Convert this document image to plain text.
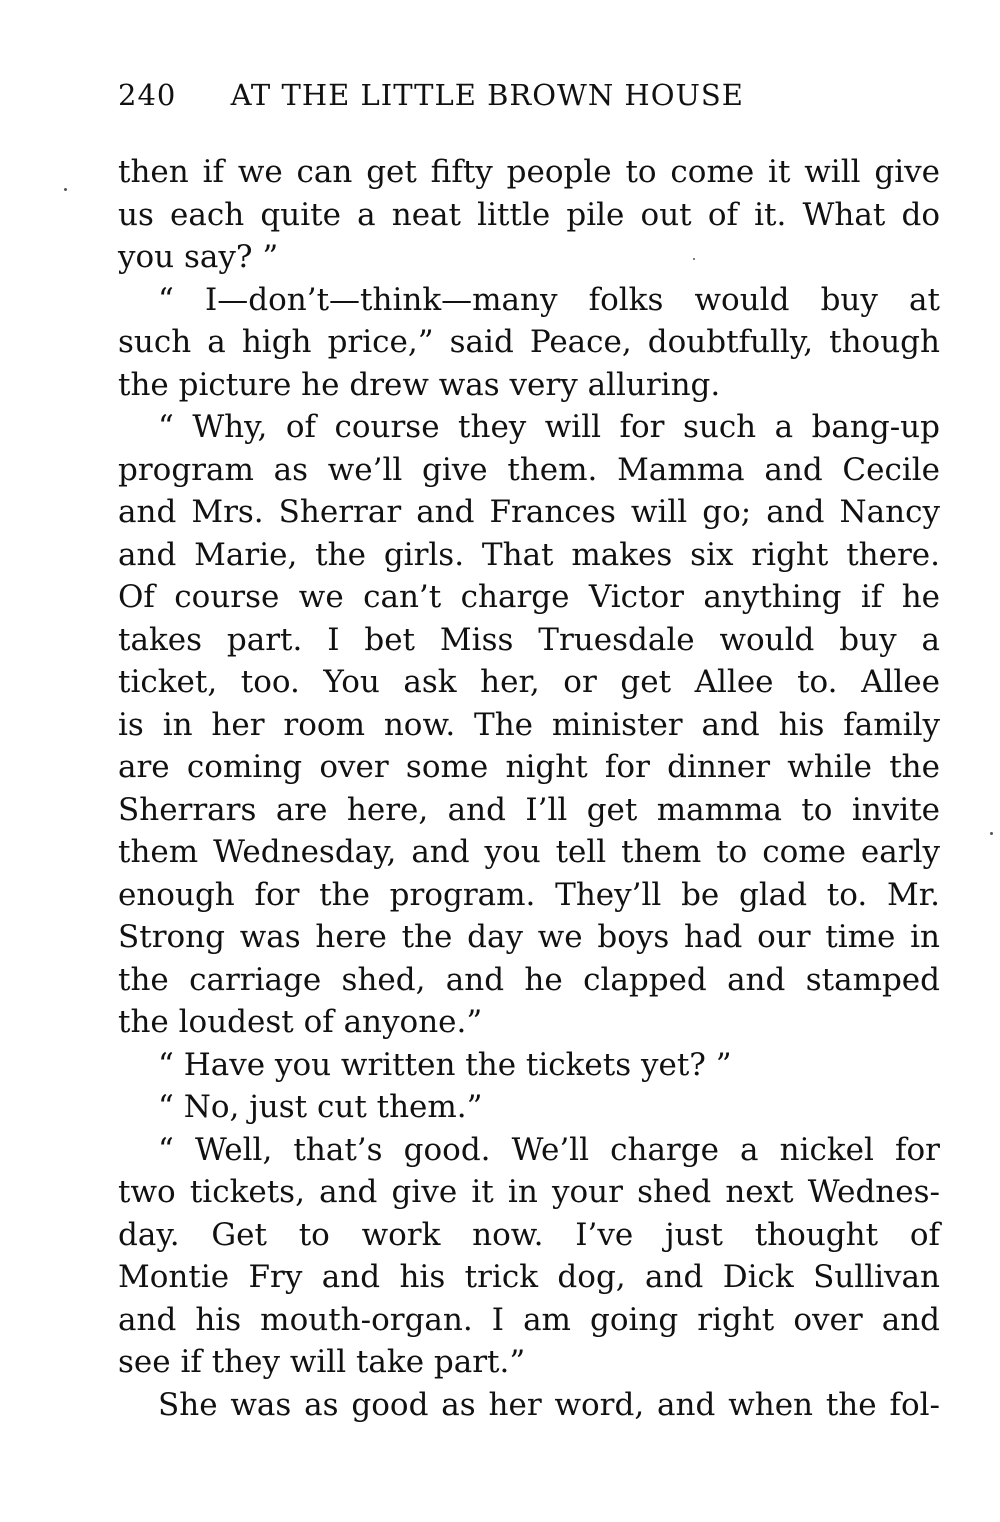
240 AT THE LITTLE BROWN HOUSE
then if we can get fifty people to come it will give
us each quite a neat little pile out of it. What do
you say? ”
“ I—don’t—think—many folks would buy at
such a high price,” said Peace, doubtfully, though
the picture he drew was very alluring.
“ Why, of course they will for such a bang-up
program as we’ll give them. Mamma and Cecile
and Mrs. Sherrar and Frances will go; and Nancy
and Marie, the girls. That makes six right there.
Of course we can’t charge Victor anything if he
takes part. I bet Miss Truesdale would buy a
ticket, too. You ask her, or get Allee to. Allee
is in her room now. The minister and his family
are coming over some night for dinner while the
Sherrars are here, and I’ll get mamma to invite
them Wednesday, and you tell them to come early
enough for the program. They’ll be glad to. Mr.
Strong was here the day we boys had our time in
the carriage shed, and he clapped and stamped
the loudest of anyone.”
“ Have you written the tickets yet? ”
“ No, just cut them.”
“ Well, that’s good. We’ll charge a nickel for
two tickets, and give it in your shed next Wednes-
day. Get to work now. I’ve just thought of
Montie Fry and his trick dog, and Dick Sullivan
and his mouth-organ. I am going right over and
see if they will take part.”
She was as good as her word, and when the fol-
